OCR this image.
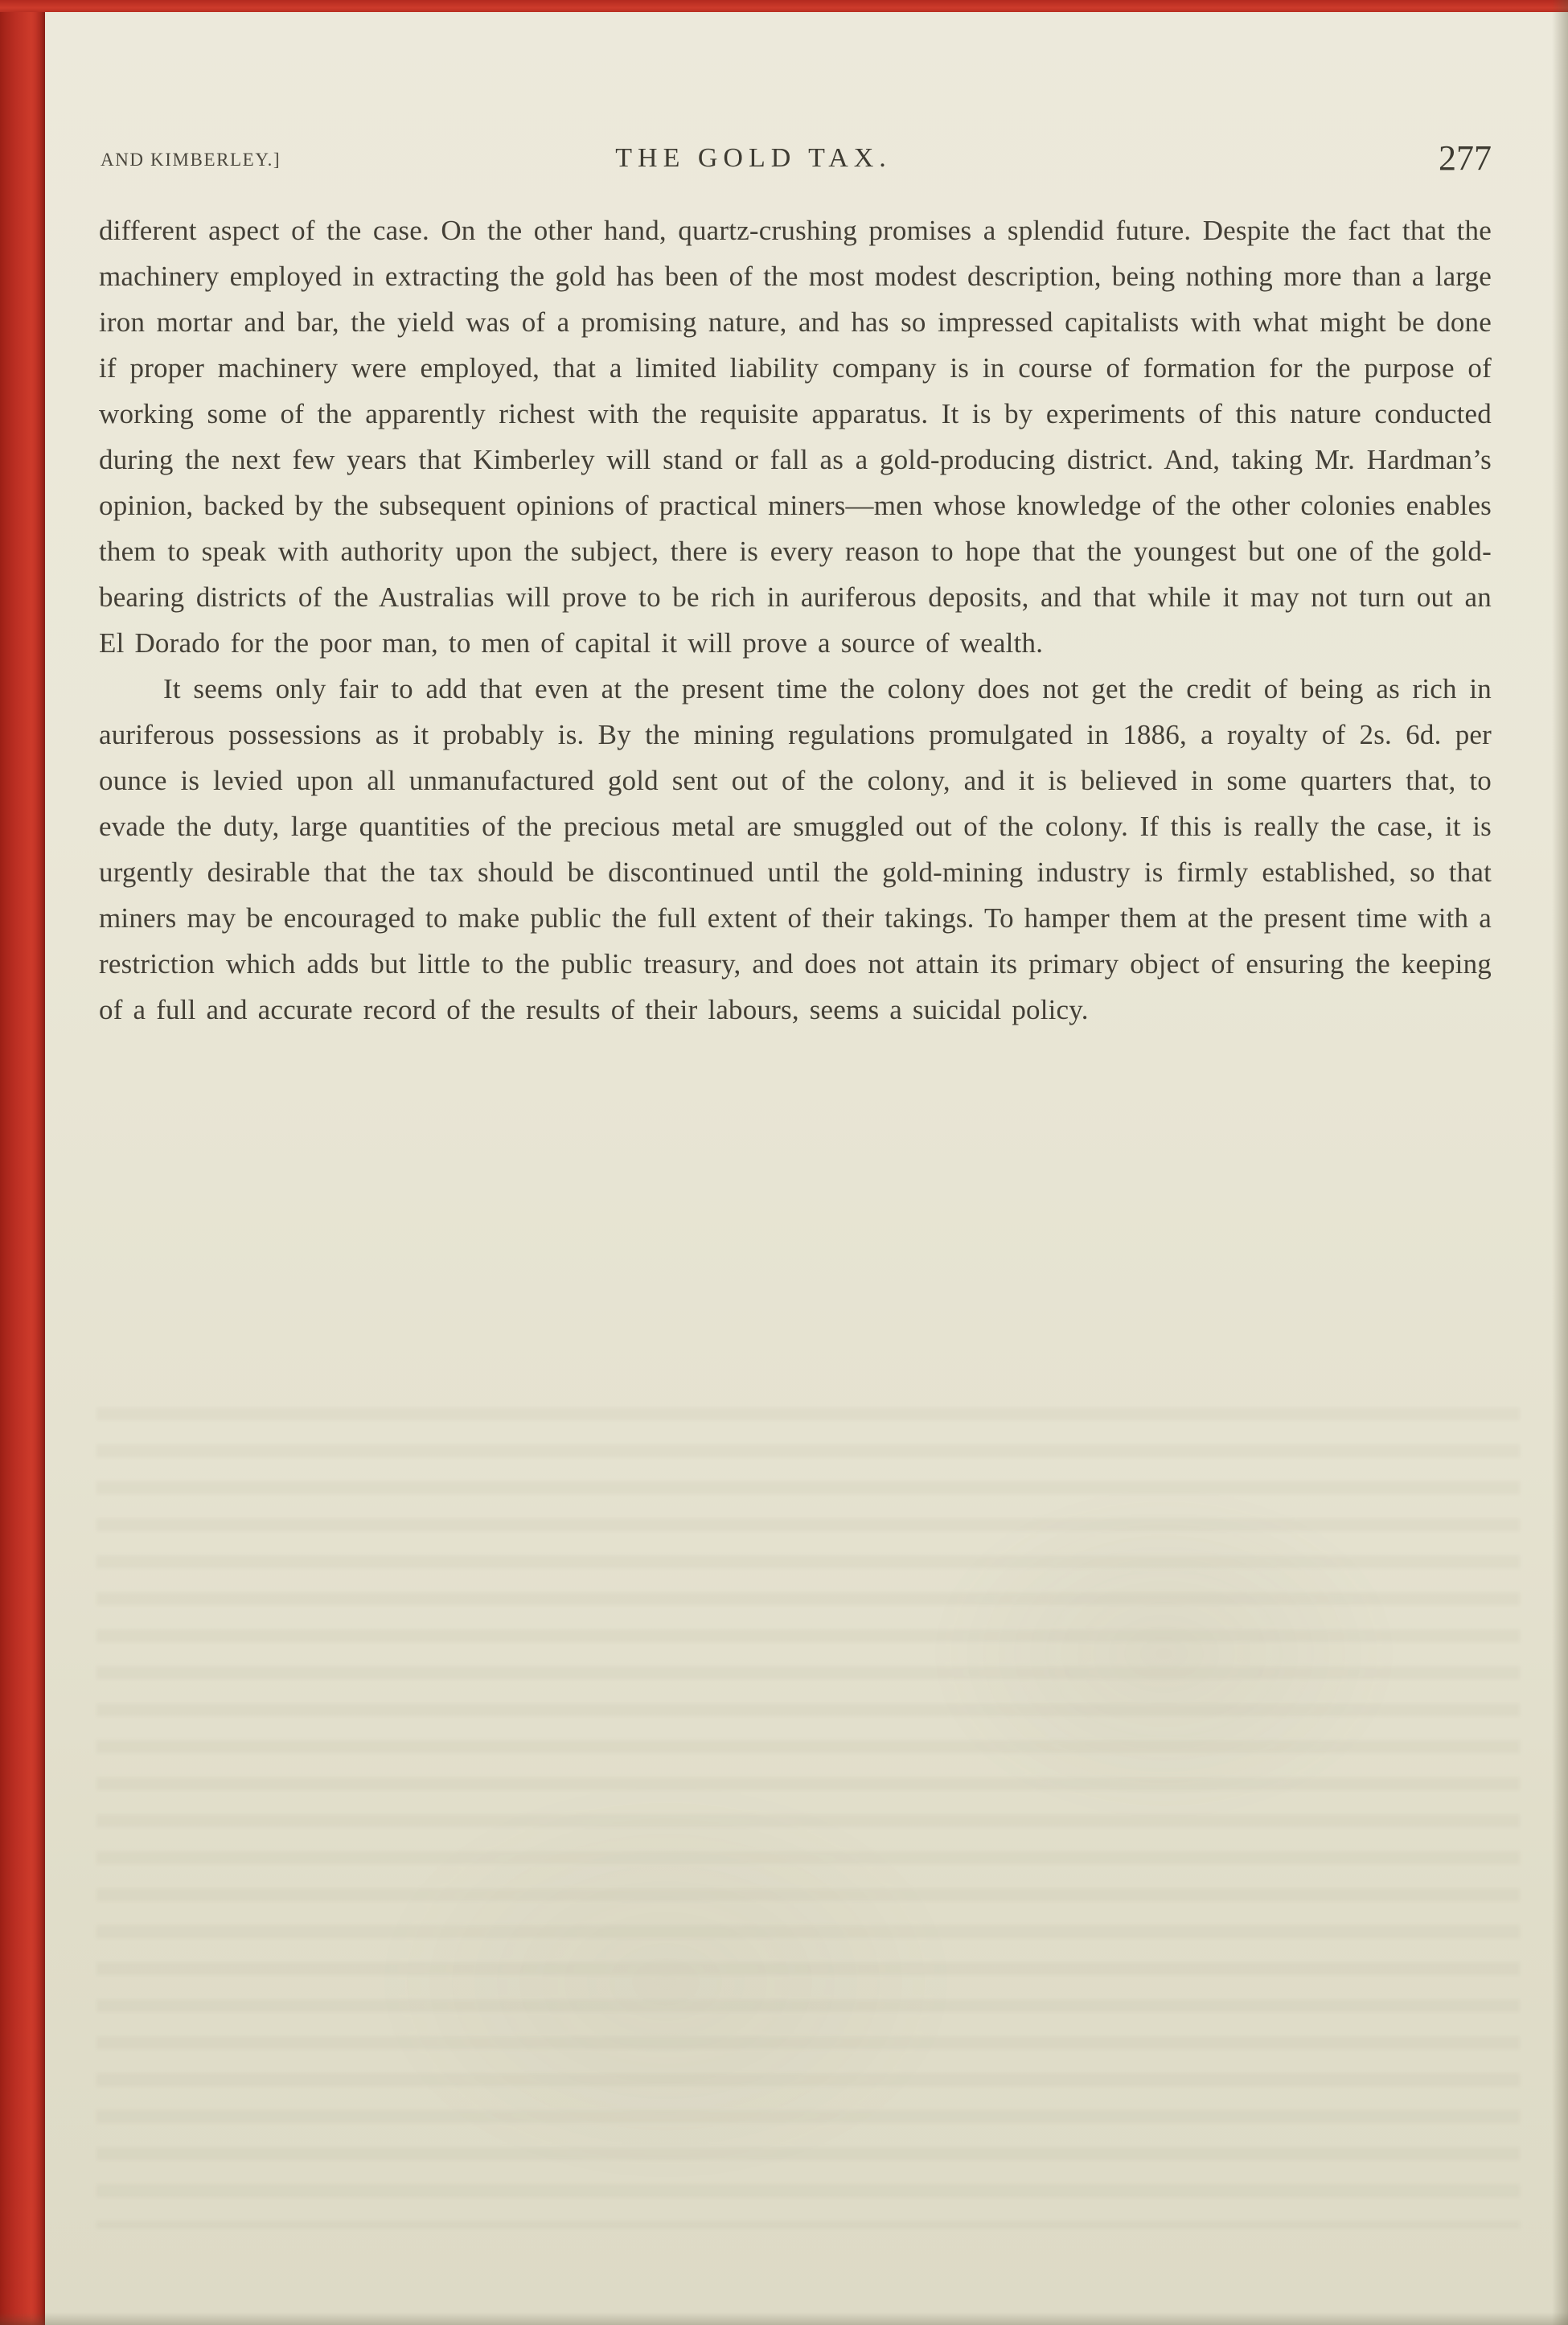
AND KIMBERLEY.]	THE GOLD TAX.	277

different aspect of the case. On the other hand, quartz-crushing promises a splendid future. Despite the fact that the machinery employed in extracting the gold has been of the most modest description, being nothing more than a large iron mortar and bar, the yield was of a promising nature, and has so impressed capitalists with what might be done if proper machinery were employed, that a limited liability company is in course of formation for the purpose of working some of the apparently richest with the requisite apparatus. It is by experiments of this nature conducted during the next few years that Kimberley will stand or fall as a gold-producing district. And, taking Mr. Hardman’s opinion, backed by the subsequent opinions of practical miners—men whose knowledge of the other colonies enables them to speak with authority upon the subject, there is every reason to hope that the youngest but one of the gold-bearing districts of the Australias will prove to be rich in auriferous deposits, and that while it may not turn out an El Dorado for the poor man, to men of capital it will prove a source of wealth.

It seems only fair to add that even at the present time the colony does not get the credit of being as rich in auriferous possessions as it probably is. By the mining regulations promulgated in 1886, a royalty of 2s. 6d. per ounce is levied upon all unmanufactured gold sent out of the colony, and it is believed in some quarters that, to evade the duty, large quantities of the precious metal are smuggled out of the colony. If this is really the case, it is urgently desirable that the tax should be discontinued until the gold-mining industry is firmly established, so that miners may be encouraged to make public the full extent of their takings. To hamper them at the present time with a restriction which adds but little to the public treasury, and does not attain its primary object of ensuring the keeping of a full and accurate record of the results of their labours, seems a suicidal policy.
